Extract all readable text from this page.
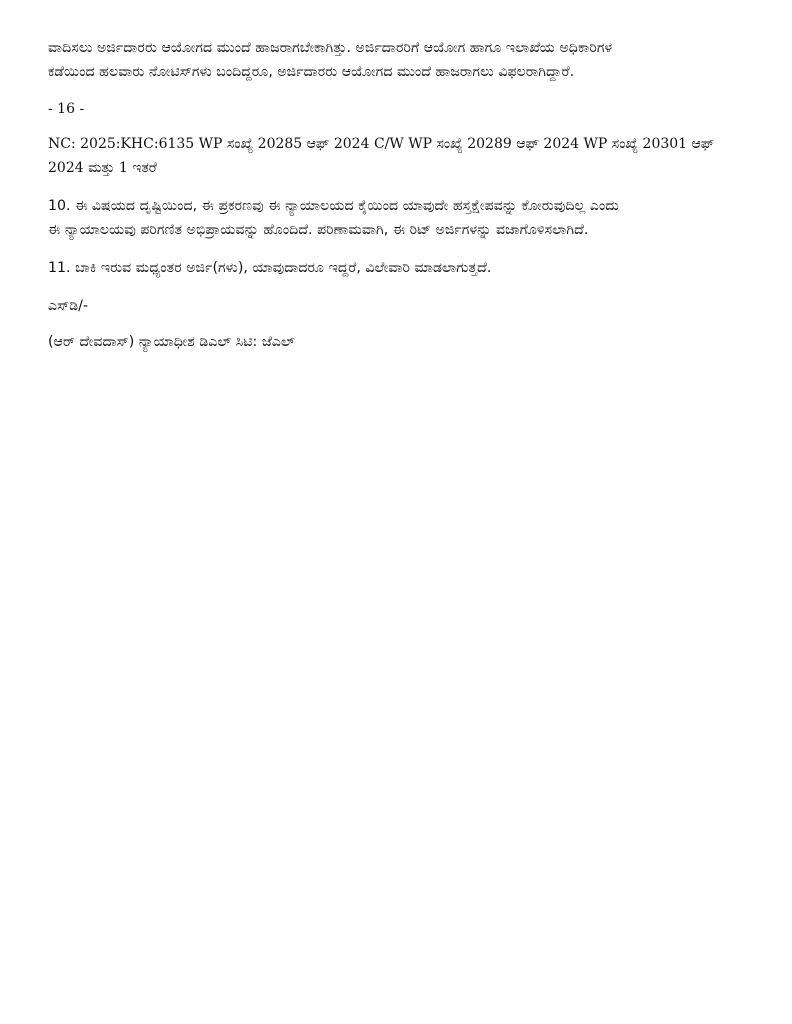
ವಾದಿಸಲು ಅರ್ಜಿದಾರರು ಆಯೋಗದ ಮುಂದೆ ಹಾಜರಾಗಬೇಕಾಗಿತ್ತು. ಅರ್ಜಿದಾರರಿಗೆ ಆಯೋಗ ಹಾಗೂ ಇಲಾಖೆಯ ಅಧಿಕಾರಿಗಳ
ಕಡೆಯಿಂದ ಹಲವಾರು ನೋಟಿಸ್‌ಗಳು ಬಂದಿದ್ದರೂ, ಅರ್ಜಿದಾರರು ಆಯೋಗದ ಮುಂದೆ ಹಾಜರಾಗಲು ವಿಫಲರಾಗಿದ್ದಾರೆ.

- 16 -

NC: 2025:KHC:6135 WP ಸಂಖ್ಯೆ 20285 ಆಫ್ 2024 C/W WP ಸಂಖ್ಯೆ 20289 ಆಫ್ 2024 WP ಸಂಖ್ಯೆ 20301 ಆಫ್
2024 ಮತ್ತು 1 ಇತರೆ

10. ಈ ವಿಷಯದ ದೃಷ್ಟಿಯಿಂದ, ಈ ಪ್ರಕರಣವು ಈ ನ್ಯಾಯಾಲಯದ ಕೈಯಿಂದ ಯಾವುದೇ ಹಸ್ತಕ್ಷೇಪವನ್ನು ಕೋರುವುದಿಲ್ಲ ಎಂದು
ಈ ನ್ಯಾಯಾಲಯವು ಪರಿಗಣಿತ ಅಭಿಪ್ರಾಯವನ್ನು ಹೊಂದಿದೆ. ಪರಿಣಾಮವಾಗಿ, ಈ ರಿಟ್ ಅರ್ಜಿಗಳನ್ನು ವಜಾಗೊಳಿಸಲಾಗಿದೆ.

11. ಬಾಕಿ ಇರುವ ಮಧ್ಯಂತರ ಅರ್ಜಿ(ಗಳು), ಯಾವುದಾದರೂ ಇದ್ದರೆ, ವಿಲೇವಾರಿ ಮಾಡಲಾಗುತ್ತದೆ.

ಎಸ್‌ಡಿ/-

(ಆರ್ ದೇವದಾಸ್) ನ್ಯಾಯಾಧೀಶ ಡಿಎಲ್ ಸಿಟಿ: ಜೆಎಲ್
